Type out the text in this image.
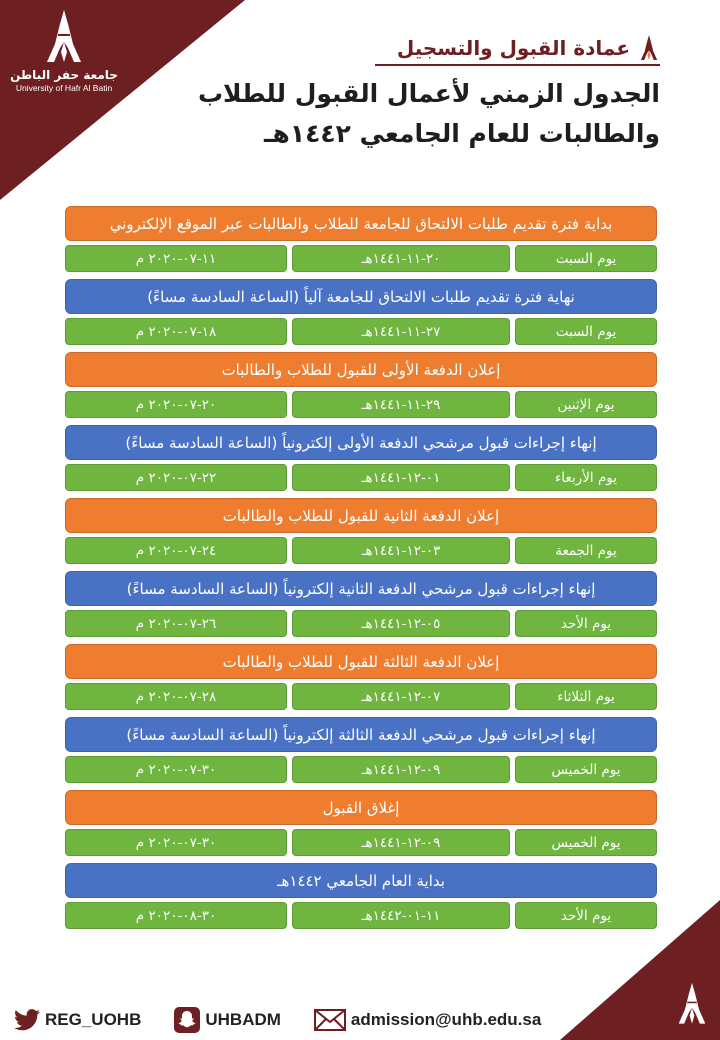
جامعة حفر الباطن
University of Hafr Al Batin
عمادة القبول والتسجيل
الجدول الزمني لأعمال القبول للطلاب
والطالبات للعام الجامعي ١٤٤٢هـ
بداية فترة تقديم طلبات الالتحاق للجامعة للطلاب والطالبات عبر الموقع الإلكتروني
يوم السبت
٢٠-١١-١٤٤١هـ
١١-٠٧-٢٠٢٠ م
نهاية فترة تقديم طلبات الالتحاق للجامعة آلياً (الساعة السادسة مساءً)
يوم السبت
٢٧-١١-١٤٤١هـ
١٨-٠٧-٢٠٢٠ م
إعلان الدفعة الأولى للقبول للطلاب والطالبات
يوم الإثنين
٢٩-١١-١٤٤١هـ
٢٠-٠٧-٢٠٢٠ م
إنهاء إجراءات قبول مرشحي الدفعة الأولى إلكترونياً (الساعة السادسة مساءً)
يوم الأربعاء
٠١-١٢-١٤٤١هـ
٢٢-٠٧-٢٠٢٠ م
إعلان الدفعة الثانية للقبول للطلاب والطالبات
يوم الجمعة
٠٣-١٢-١٤٤١هـ
٢٤-٠٧-٢٠٢٠ م
إنهاء إجراءات قبول مرشحي الدفعة الثانية إلكترونياً (الساعة السادسة مساءً)
يوم الأحد
٠٥-١٢-١٤٤١هـ
٢٦-٠٧-٢٠٢٠ م
إعلان الدفعة الثالثة للقبول للطلاب والطالبات
يوم الثلاثاء
٠٧-١٢-١٤٤١هـ
٢٨-٠٧-٢٠٢٠ م
إنهاء إجراءات قبول مرشحي الدفعة الثالثة إلكترونياً (الساعة السادسة مساءً)
يوم الخميس
٠٩-١٢-١٤٤١هـ
٣٠-٠٧-٢٠٢٠ م
إغلاق القبول
يوم الخميس
٠٩-١٢-١٤٤١هـ
٣٠-٠٧-٢٠٢٠ م
بداية العام الجامعي ١٤٤٢هـ
يوم الأحد
١١-٠١-١٤٤٢هـ
٣٠-٠٨-٢٠٢٠ م
REG_UOHB	UHBADM	admission@uhb.edu.sa
